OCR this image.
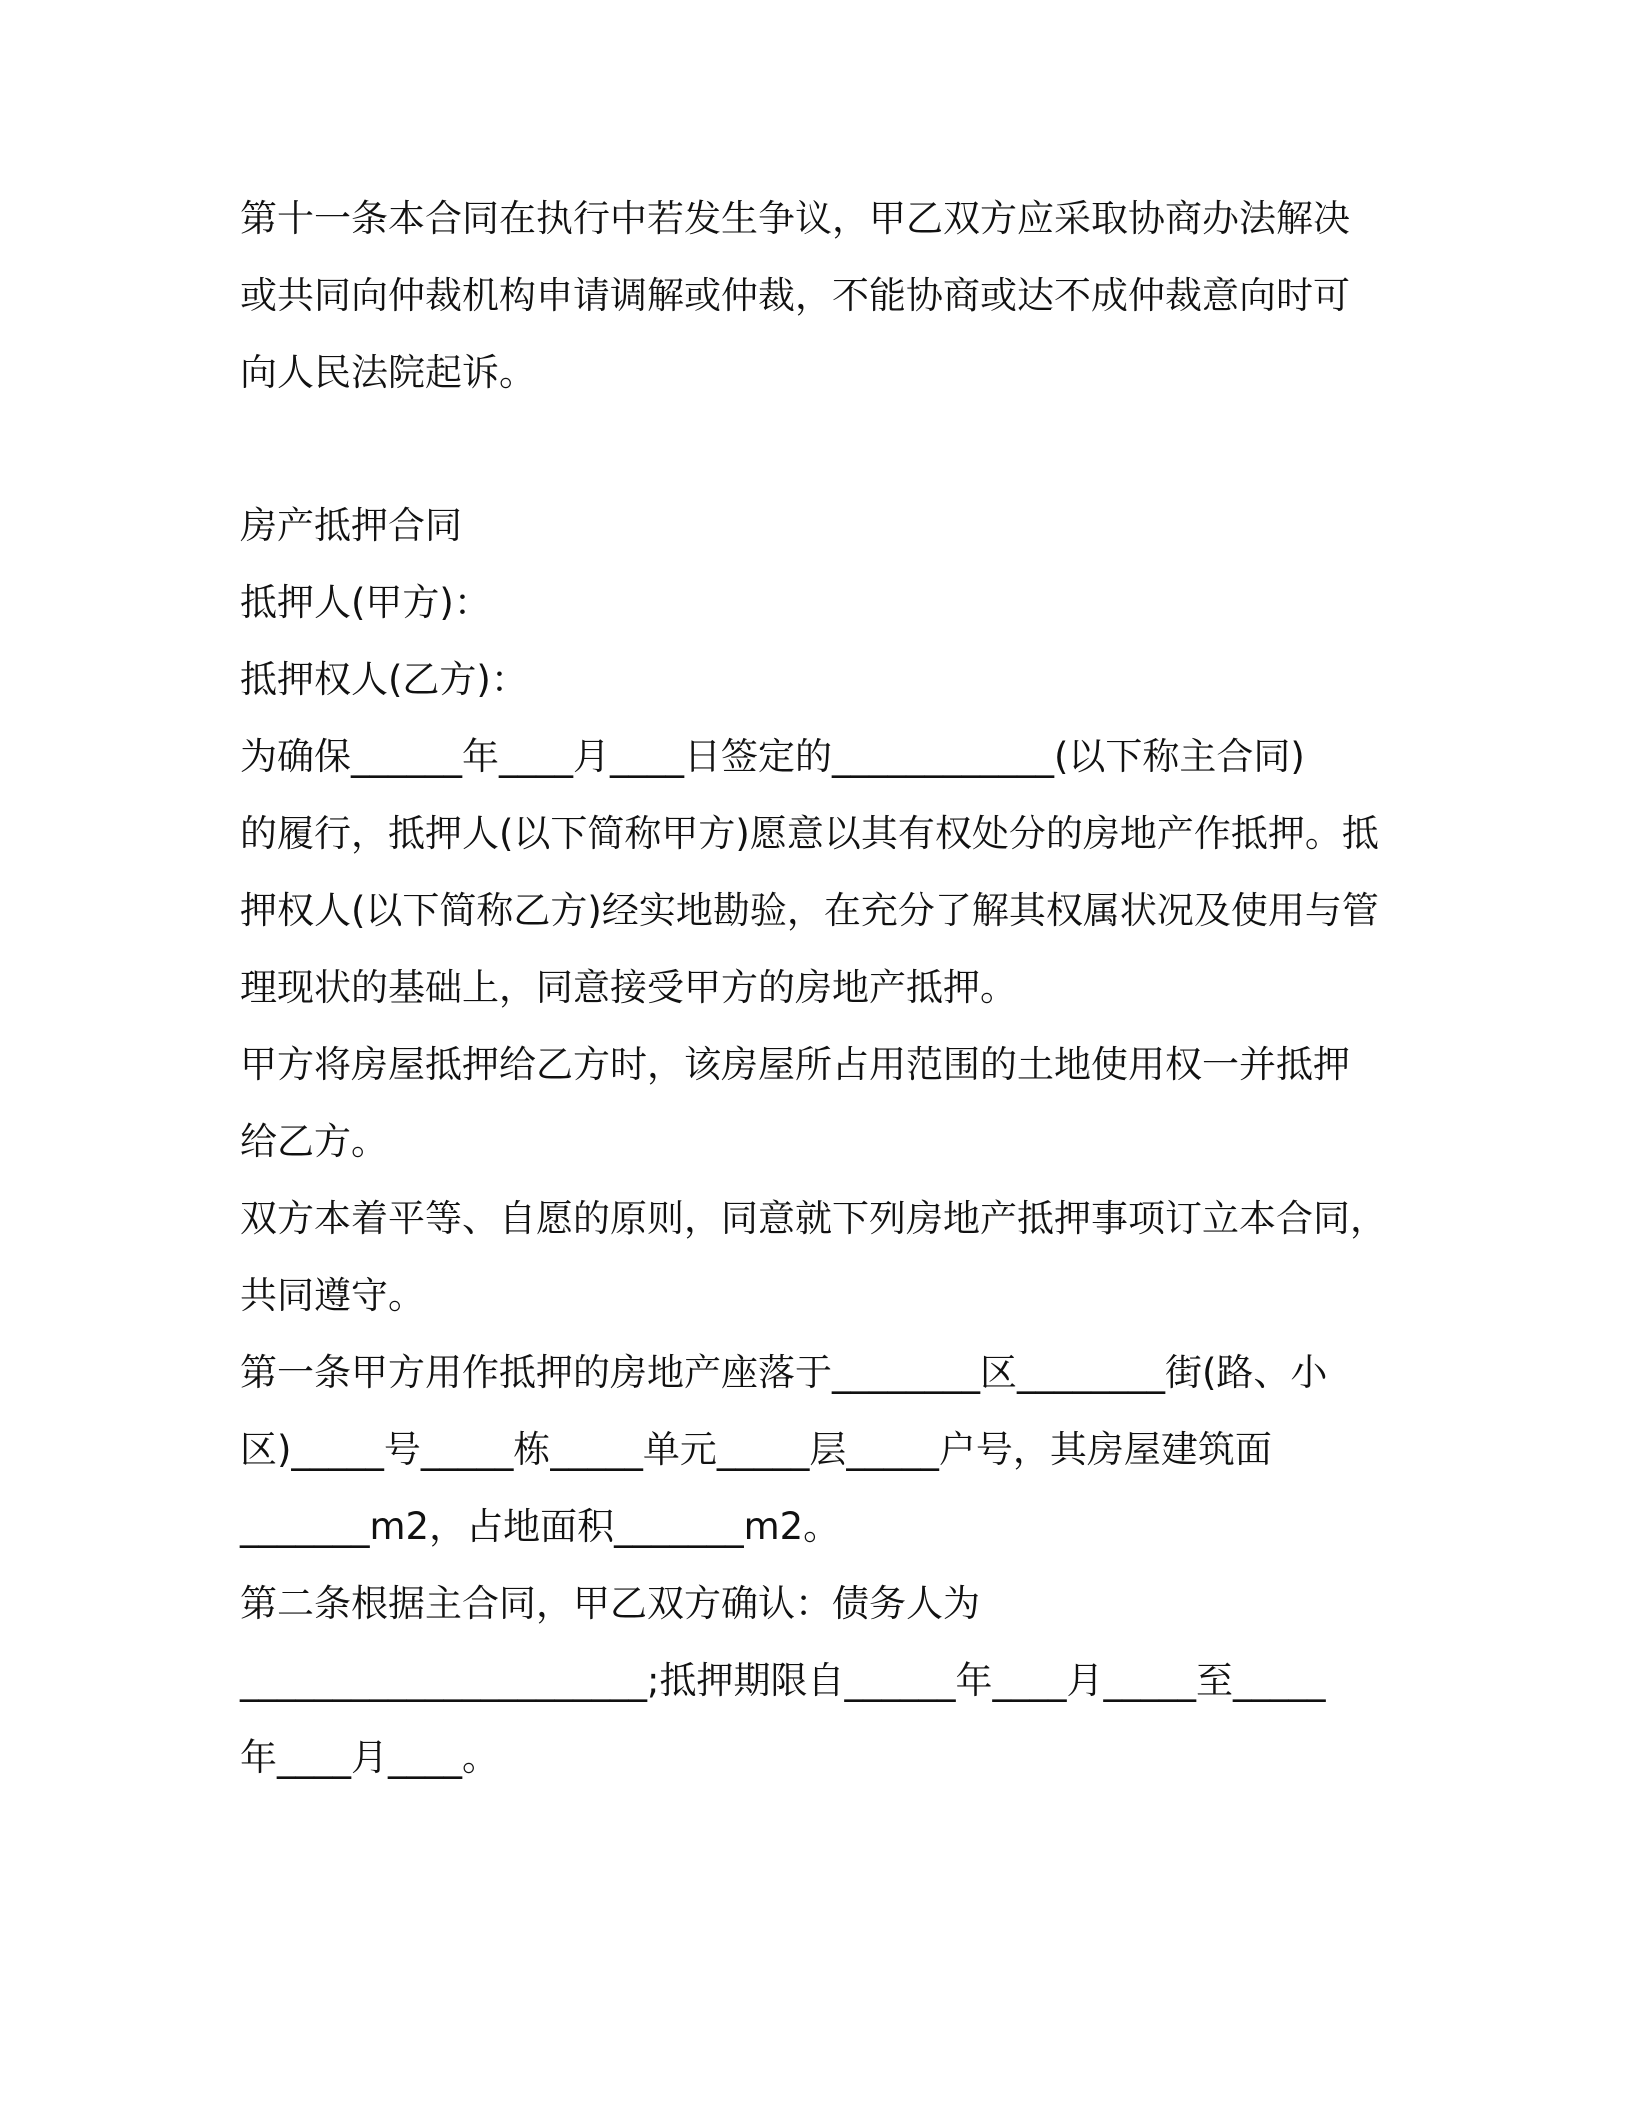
第十一条本合同在执行中若发生争议，甲乙双方应采取协商办法解决
或共同向仲裁机构申请调解或仲裁，不能协商或达不成仲裁意向时可
向人民法院起诉。
房产抵押合同
抵押人(甲方)：
抵押权人(乙方)：
为确保______年____月____日签定的____________(以下称主合同)
的履行，抵押人(以下简称甲方)愿意以其有权处分的房地产作抵押。抵
押权人(以下简称乙方)经实地勘验，在充分了解其权属状况及使用与管
理现状的基础上，同意接受甲方的房地产抵押。
甲方将房屋抵押给乙方时，该房屋所占用范围的土地使用权一并抵押
给乙方。
双方本着平等、自愿的原则，同意就下列房地产抵押事项订立本合同，
共同遵守。
第一条甲方用作抵押的房地产座落于________区________街(路、小
区)_____号_____栋_____单元_____层_____户号，其房屋建筑面
_______m2，占地面积_______m2。
第二条根据主合同，甲乙双方确认：债务人为
______________________;抵押期限自______年____月_____至_____
年____月____。
